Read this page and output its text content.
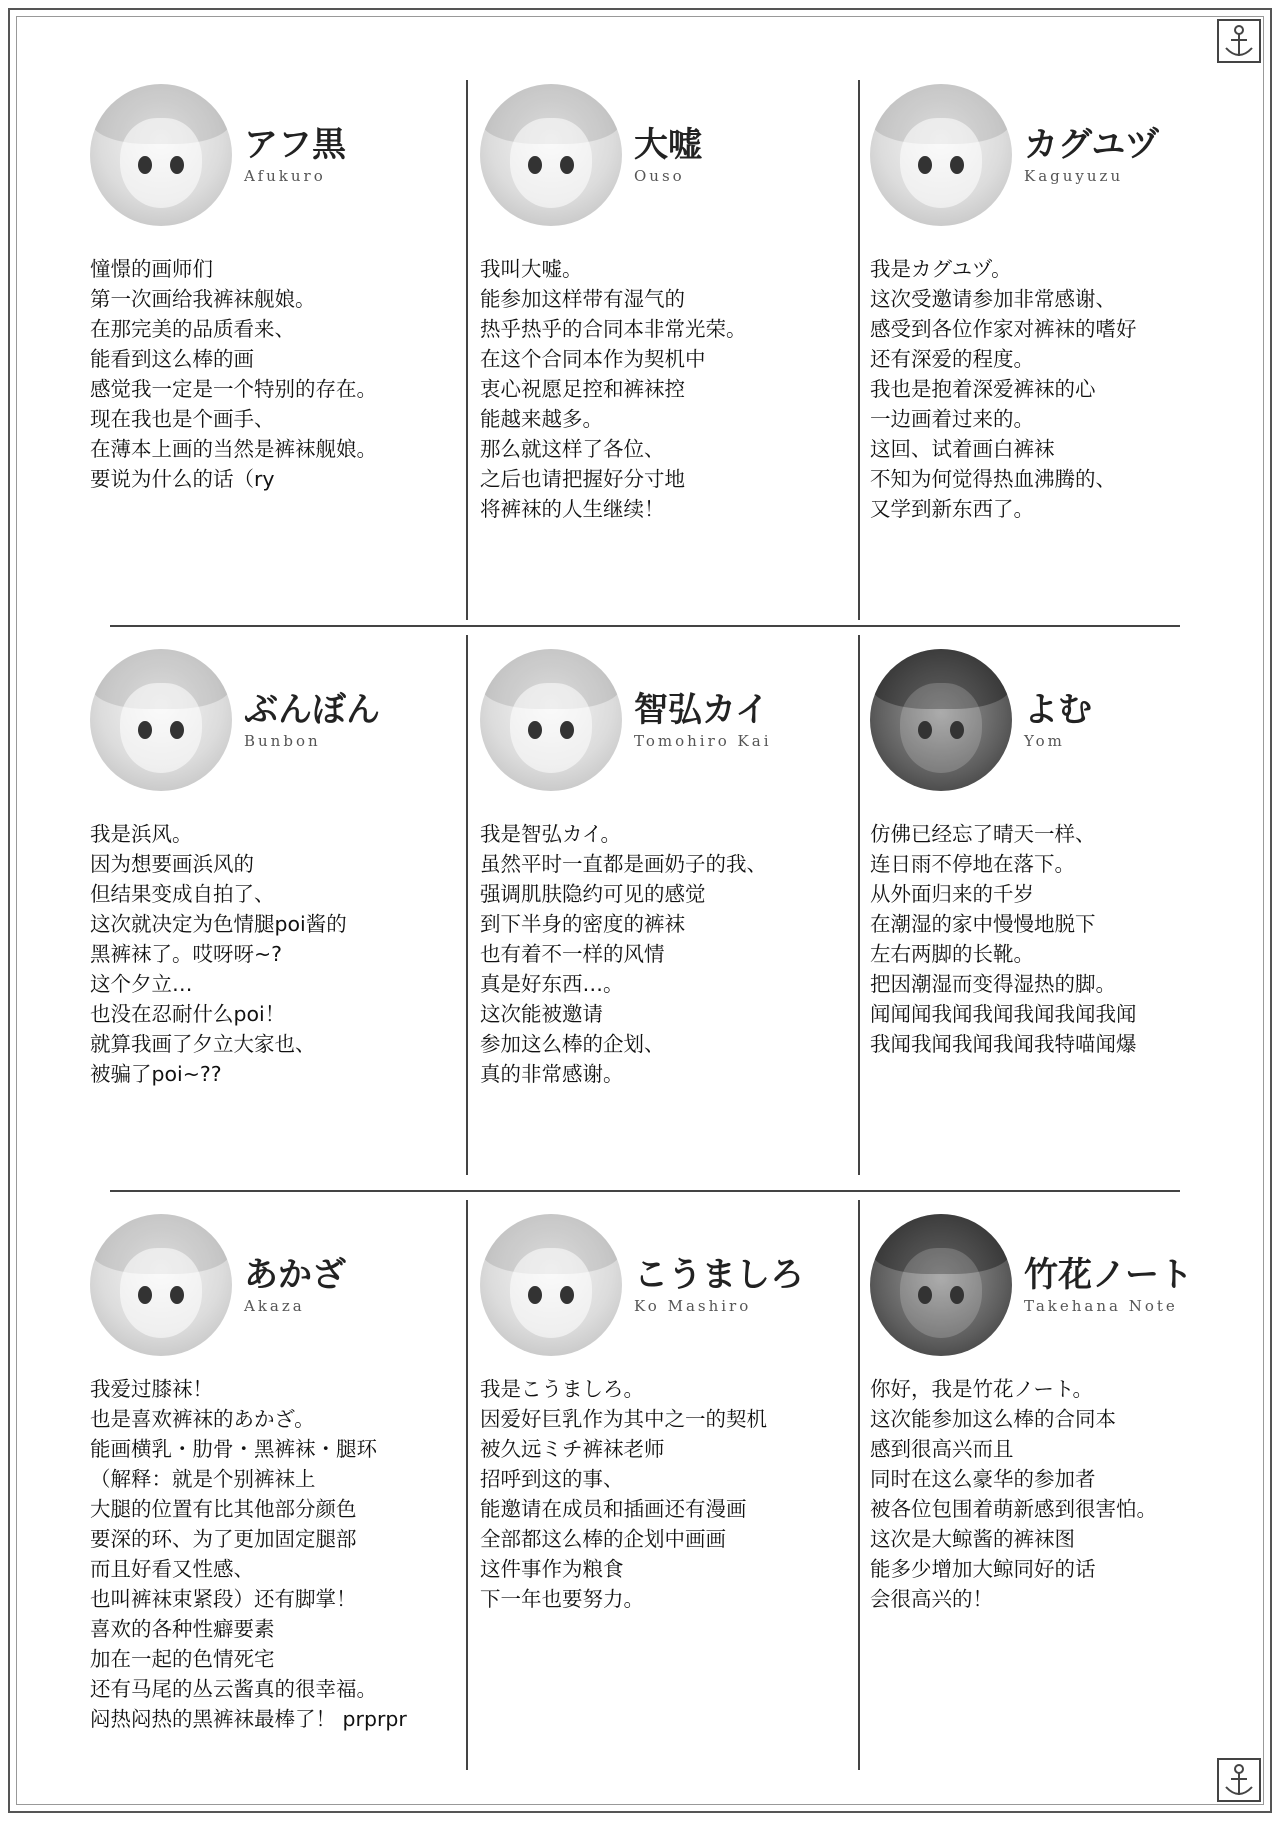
アフ黒
Afukuro
憧憬的画师们
第一次画给我裤袜舰娘。
在那完美的品质看来、
能看到这么棒的画
感觉我一定是一个特别的存在。
现在我也是个画手、
在薄本上画的当然是裤袜舰娘。
要说为什么的话（ry
大嘘
Ouso
我叫大嘘。
能参加这样带有湿气的
热乎热乎的合同本非常光荣。
在这个合同本作为契机中
衷心祝愿足控和裤袜控
能越来越多。
那么就这样了各位、
之后也请把握好分寸地
将裤袜的人生继续！
カグユヅ
Kaguyuzu
我是カグユヅ。
这次受邀请参加非常感谢、
感受到各位作家对裤袜的嗜好
还有深爱的程度。
我也是抱着深爱裤袜的心
一边画着过来的。
这回、试着画白裤袜
不知为何觉得热血沸腾的、
又学到新东西了。
ぶんぼん
Bunbon
我是浜风。
因为想要画浜风的
但结果变成自拍了、
这次就决定为色情腿poi酱的
黑裤袜了。哎呀呀~?
这个夕立…
也没在忍耐什么poi！
就算我画了夕立大家也、
被骗了poi~??
智弘カイ
Tomohiro Kai
我是智弘カイ。
虽然平时一直都是画奶子的我、
强调肌肤隐约可见的感觉
到下半身的密度的裤袜
也有着不一样的风情
真是好东西…。
这次能被邀请
参加这么棒的企划、
真的非常感谢。
よむ
Yom
仿佛已经忘了晴天一样、
连日雨不停地在落下。
从外面归来的千岁
在潮湿的家中慢慢地脱下
左右两脚的长靴。
把因潮湿而变得湿热的脚。
闻闻闻我闻我闻我闻我闻我闻
我闻我闻我闻我闻我特喵闻爆
あかざ
Akaza
我爱过膝袜！
也是喜欢裤袜的あかざ。
能画横乳・肋骨・黑裤袜・腿环
（解释：就是个别裤袜上
大腿的位置有比其他部分颜色
要深的环、为了更加固定腿部
而且好看又性感、
也叫裤袜束紧段）还有脚掌！
喜欢的各种性癖要素
加在一起的色情死宅
还有马尾的丛云酱真的很幸福。
闷热闷热的黑裤袜最棒了！ prprpr
こうましろ
Ko Mashiro
我是こうましろ。
因爱好巨乳作为其中之一的契机
被久远ミチ裤袜老师
招呼到这的事、
能邀请在成员和插画还有漫画
全部都这么棒的企划中画画
这件事作为粮食
下一年也要努力。
竹花ノート
Takehana Note
你好，我是竹花ノート。
这次能参加这么棒的合同本
感到很高兴而且
同时在这么豪华的参加者
被各位包围着萌新感到很害怕。
这次是大鲸酱的裤袜图
能多少增加大鲸同好的话
会很高兴的！
